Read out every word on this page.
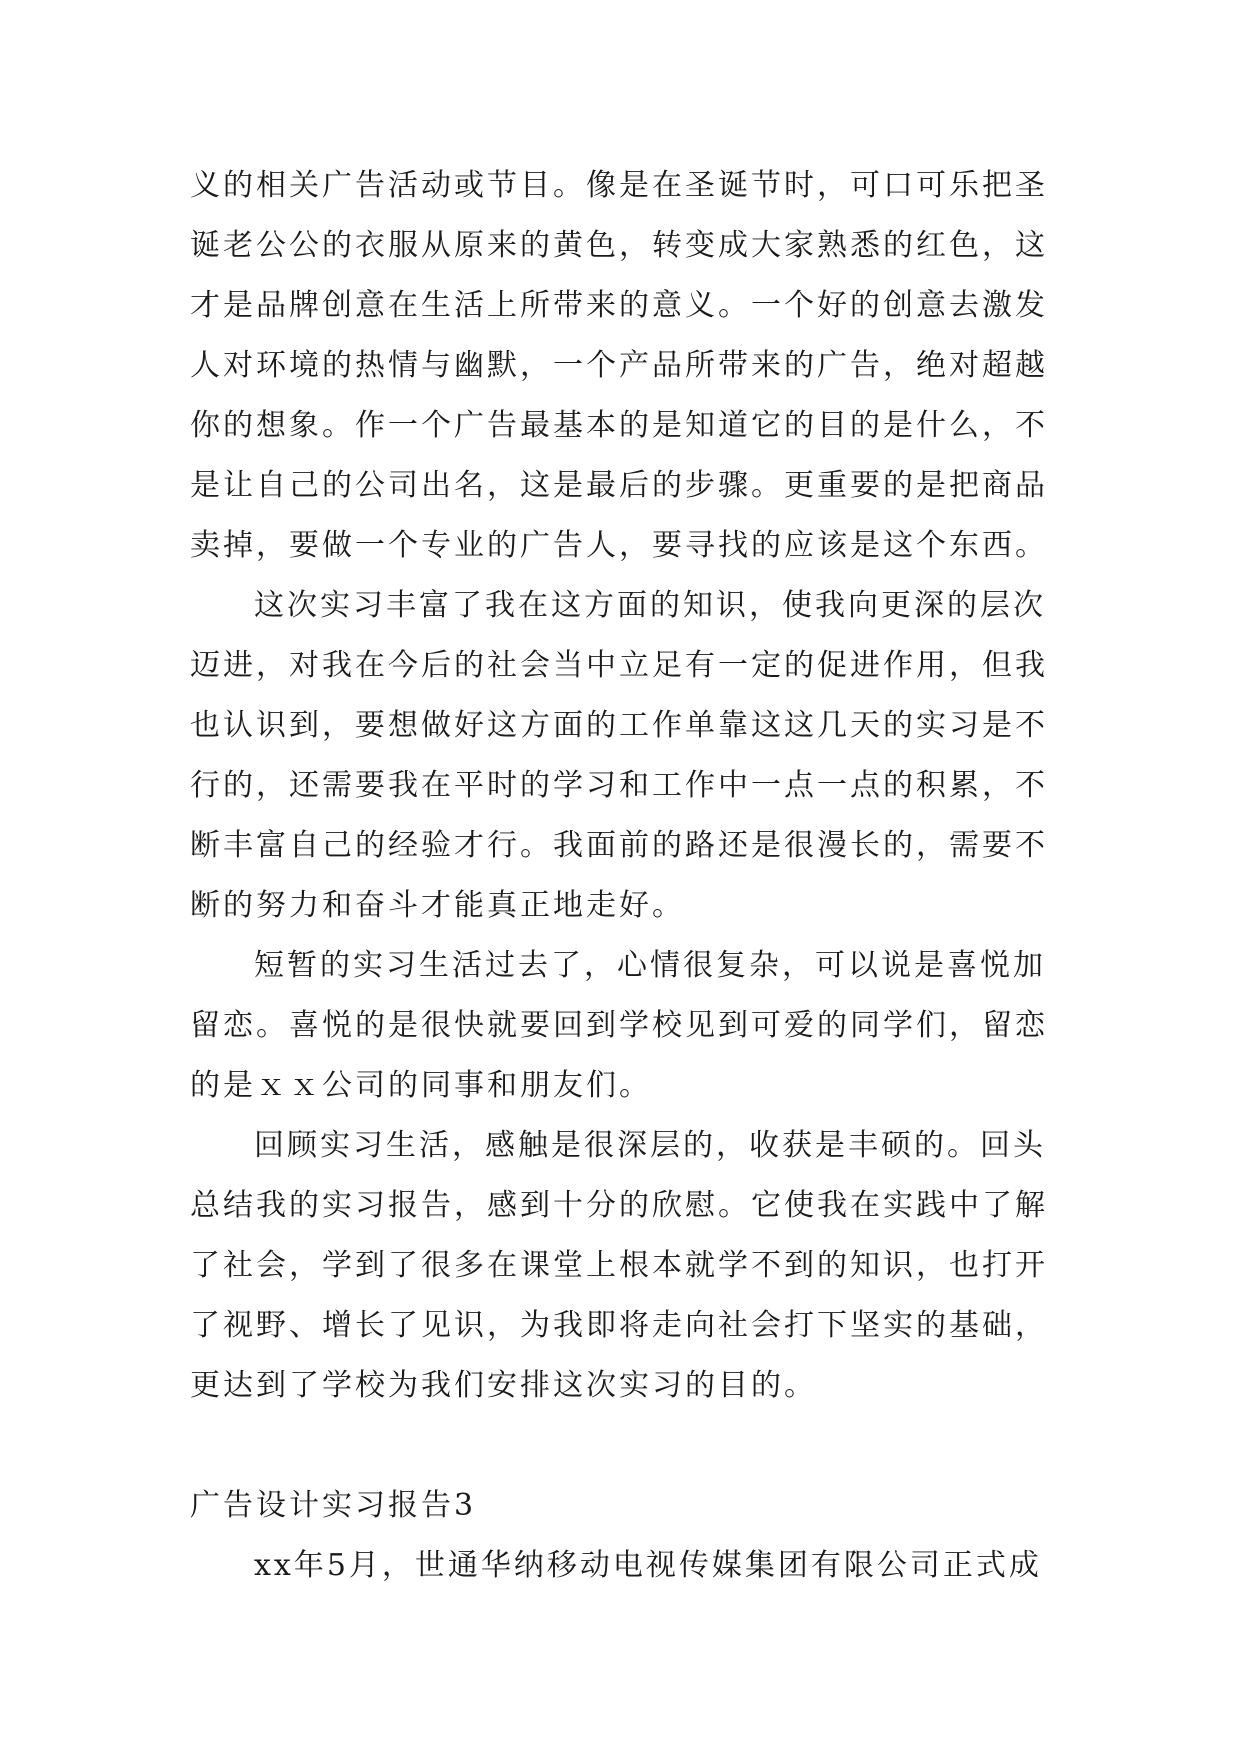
义的相关广告活动或节目。像是在圣诞节时，可口可乐把圣
诞老公公的衣服从原来的黄色，转变成大家熟悉的红色，这
才是品牌创意在生活上所带来的意义。一个好的创意去激发
人对环境的热情与幽默，一个产品所带来的广告，绝对超越
你的想象。作一个广告最基本的是知道它的目的是什么，不
是让自己的公司出名，这是最后的步骤。更重要的是把商品
卖掉，要做一个专业的广告人，要寻找的应该是这个东西。
这次实习丰富了我在这方面的知识，使我向更深的层次
迈进，对我在今后的社会当中立足有一定的促进作用，但我
也认识到，要想做好这方面的工作单靠这这几天的实习是不
行的，还需要我在平时的学习和工作中一点一点的积累，不
断丰富自己的经验才行。我面前的路还是很漫长的，需要不
断的努力和奋斗才能真正地走好。
短暂的实习生活过去了，心情很复杂，可以说是喜悦加
留恋。喜悦的是很快就要回到学校见到可爱的同学们，留恋
的是ｘｘ公司的同事和朋友们。
回顾实习生活，感触是很深层的，收获是丰硕的。回头
总结我的实习报告，感到十分的欣慰。它使我在实践中了解
了社会，学到了很多在课堂上根本就学不到的知识，也打开
了视野、增长了见识，为我即将走向社会打下坚实的基础，
更达到了学校为我们安排这次实习的目的。
广告设计实习报告3
xx年5月，世通华纳移动电视传媒集团有限公司正式成
